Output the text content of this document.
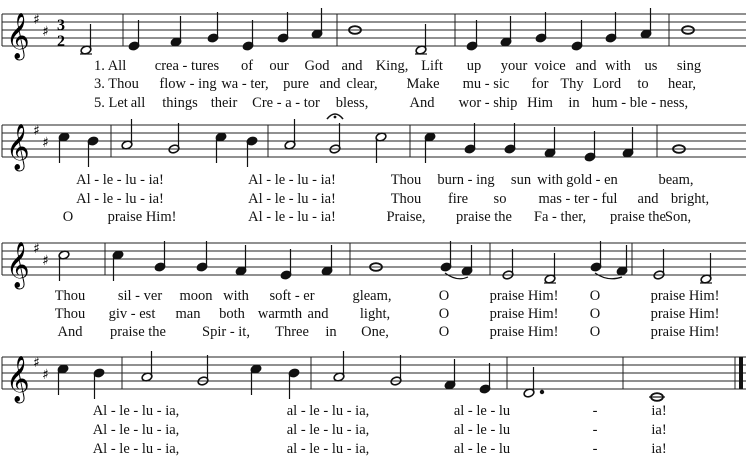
𝄞 ♯
♯ 3
2
1. All crea - tures of our God and King, Lift up your voice and with us sing
3. Thou flow - ing wa - ter, pure and clear, Make mu - sic for Thy Lord to hear,
5. Let all things their Cre - a - tor bless,	And wor - ship Him in hum - ble - ness,
𝄞 ♯
♯
Al - le - lu - ia!	Al - le - lu - ia!	Thou burn - ing sun with gold - en	beam,
Al - le - lu - ia!	Al - le - lu - ia!	Thou fire so mas - ter - ful and bright,
O praise Him!	Al - le - lu - ia!	Praise, praise the Fa - ther, praise the
Son,
𝄞 ♯
♯
Thou sil - ver moon with soft - er	gleam,	O	praise Him! O	praise Him!
Thou giv - est man both warmth and light,	O	praise Him! O	praise Him!
And praise the Spir - it, Three in One,	O	praise Him! O	praise Him!
𝄞 ♯
♯
Al - le - lu - ia,	al - le - lu - ia,	al - le - lu	-	ia!
Al - le - lu - ia,	al - le - lu - ia,	al - le - lu	-	ia!
Al - le - lu - ia,	al - le - lu - ia,	al - le - lu	-	ia!
